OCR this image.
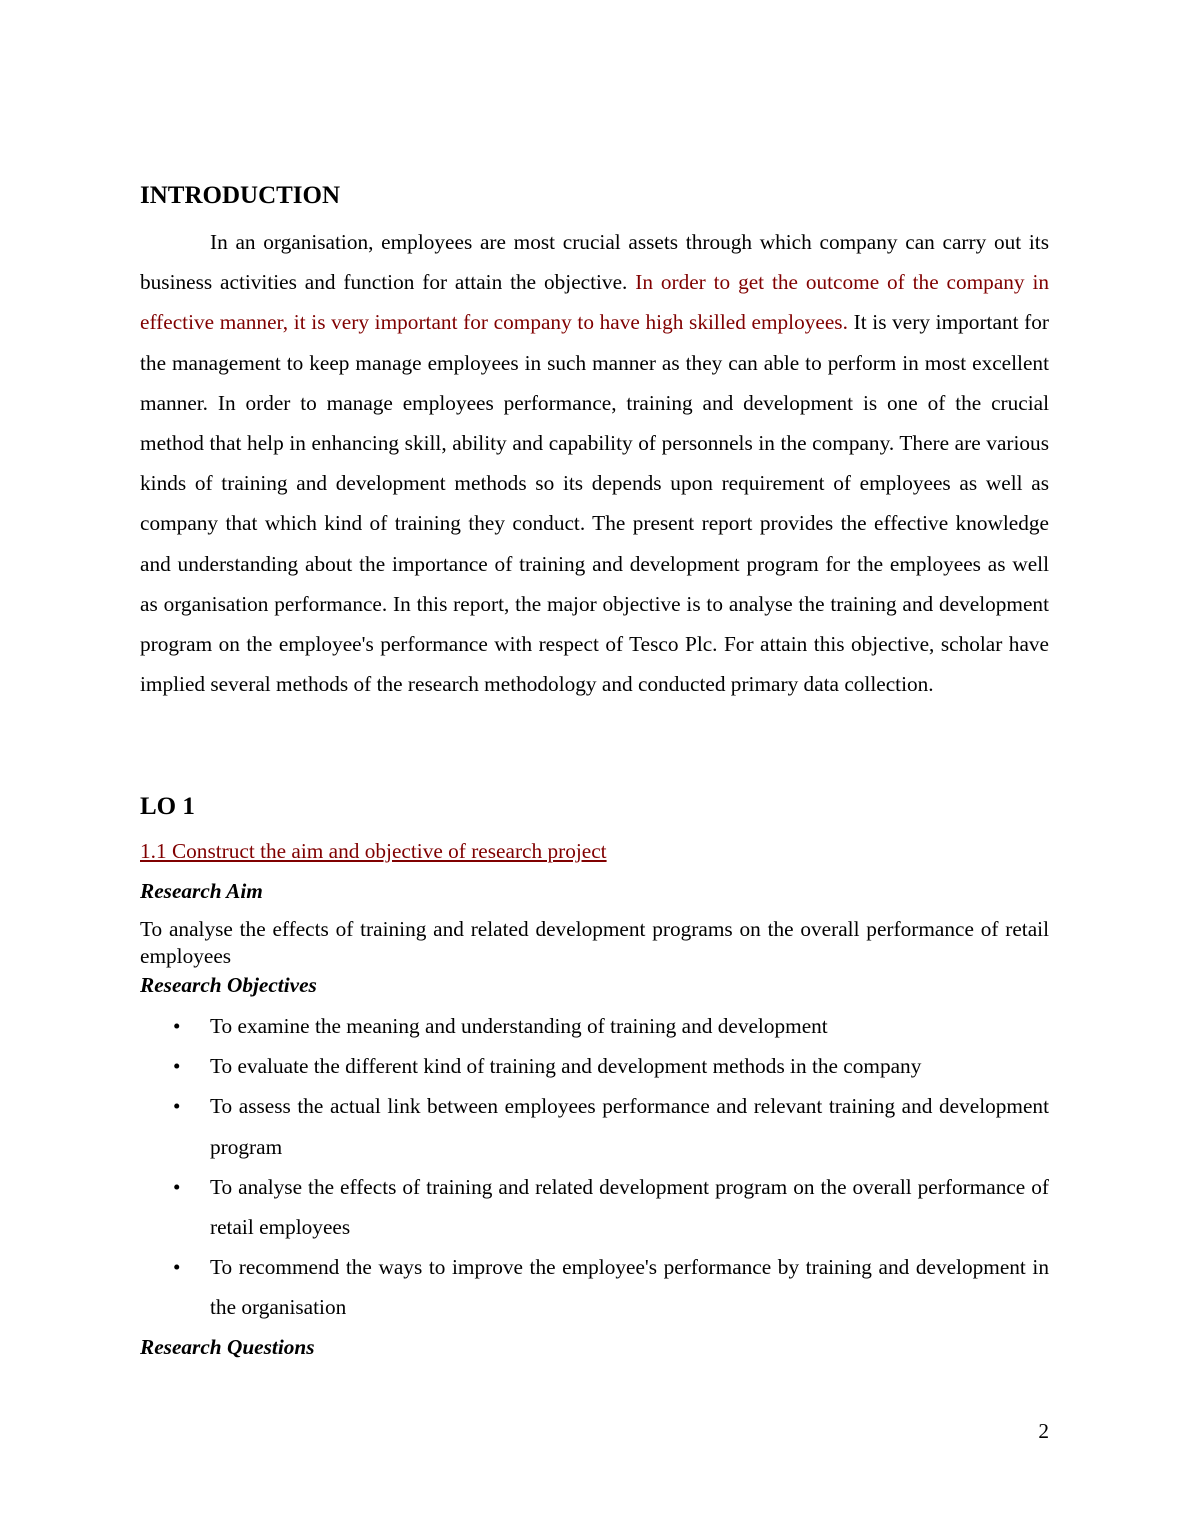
INTRODUCTION

In an organisation, employees are most crucial assets through which company can carry out its business activities and function for attain the objective. In order to get the outcome of the company in effective manner, it is very important for company to have high skilled employees. It is very important for the management to keep manage employees in such manner as they can able to perform in most excellent manner. In order to manage employees performance, training and development is one of the crucial method that help in enhancing skill, ability and capability of personnels in the company. There are various kinds of training and development methods so its depends upon requirement of employees as well as company that which kind of training they conduct. The present report provides the effective knowledge and understanding about the importance of training and development program for the employees as well as organisation performance. In this report, the major objective is to analyse the training and development program on the employee's performance with respect of Tesco Plc. For attain this objective, scholar have implied several methods of the research methodology and conducted primary data collection.

LO 1

1.1 Construct the aim and objective of research project

Research Aim

To analyse the effects of training and related development programs on the overall performance of retail employees

Research Objectives

• To examine the meaning and understanding of training and development
• To evaluate the different kind of training and development methods in the company
• To assess the actual link between employees performance and relevant training and development program
• To analyse the effects of training and related development program on the overall performance of retail employees
• To recommend the ways to improve the employee's performance by training and development in the organisation

Research Questions

2
